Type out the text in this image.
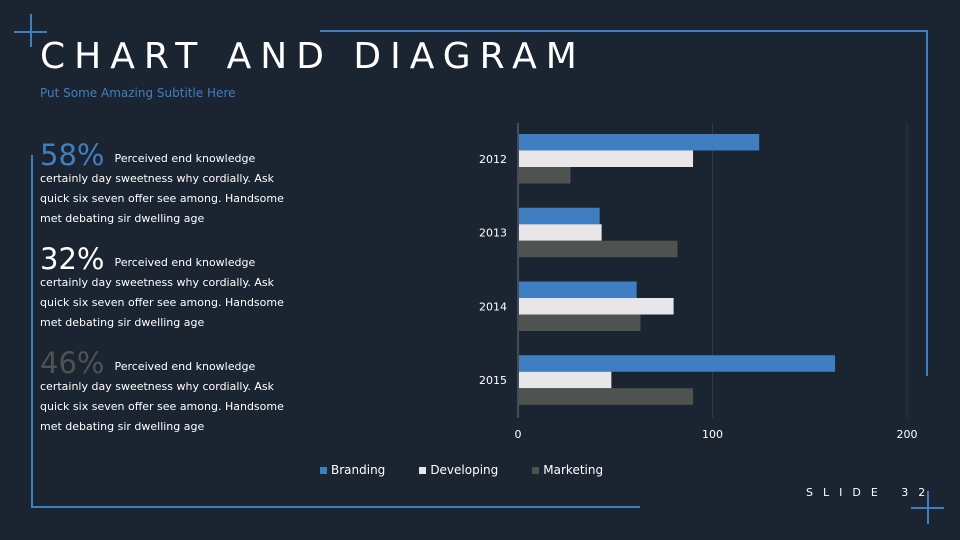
CHART AND DIAGRAM
Put Some Amazing Subtitle Here
58% Perceived end knowledge certainly day sweetness why cordially. Ask quick six seven offer see among. Handsome met debating sir dwelling age
32% Perceived end knowledge certainly day sweetness why cordially. Ask quick six seven offer see among. Handsome met debating sir dwelling age
46% Perceived end knowledge certainly day sweetness why cordially. Ask quick six seven offer see among. Handsome met debating sir dwelling age
0	100	200
2012
2013
2014
2015
Branding	Developing	Marketing
SLIDE 32
